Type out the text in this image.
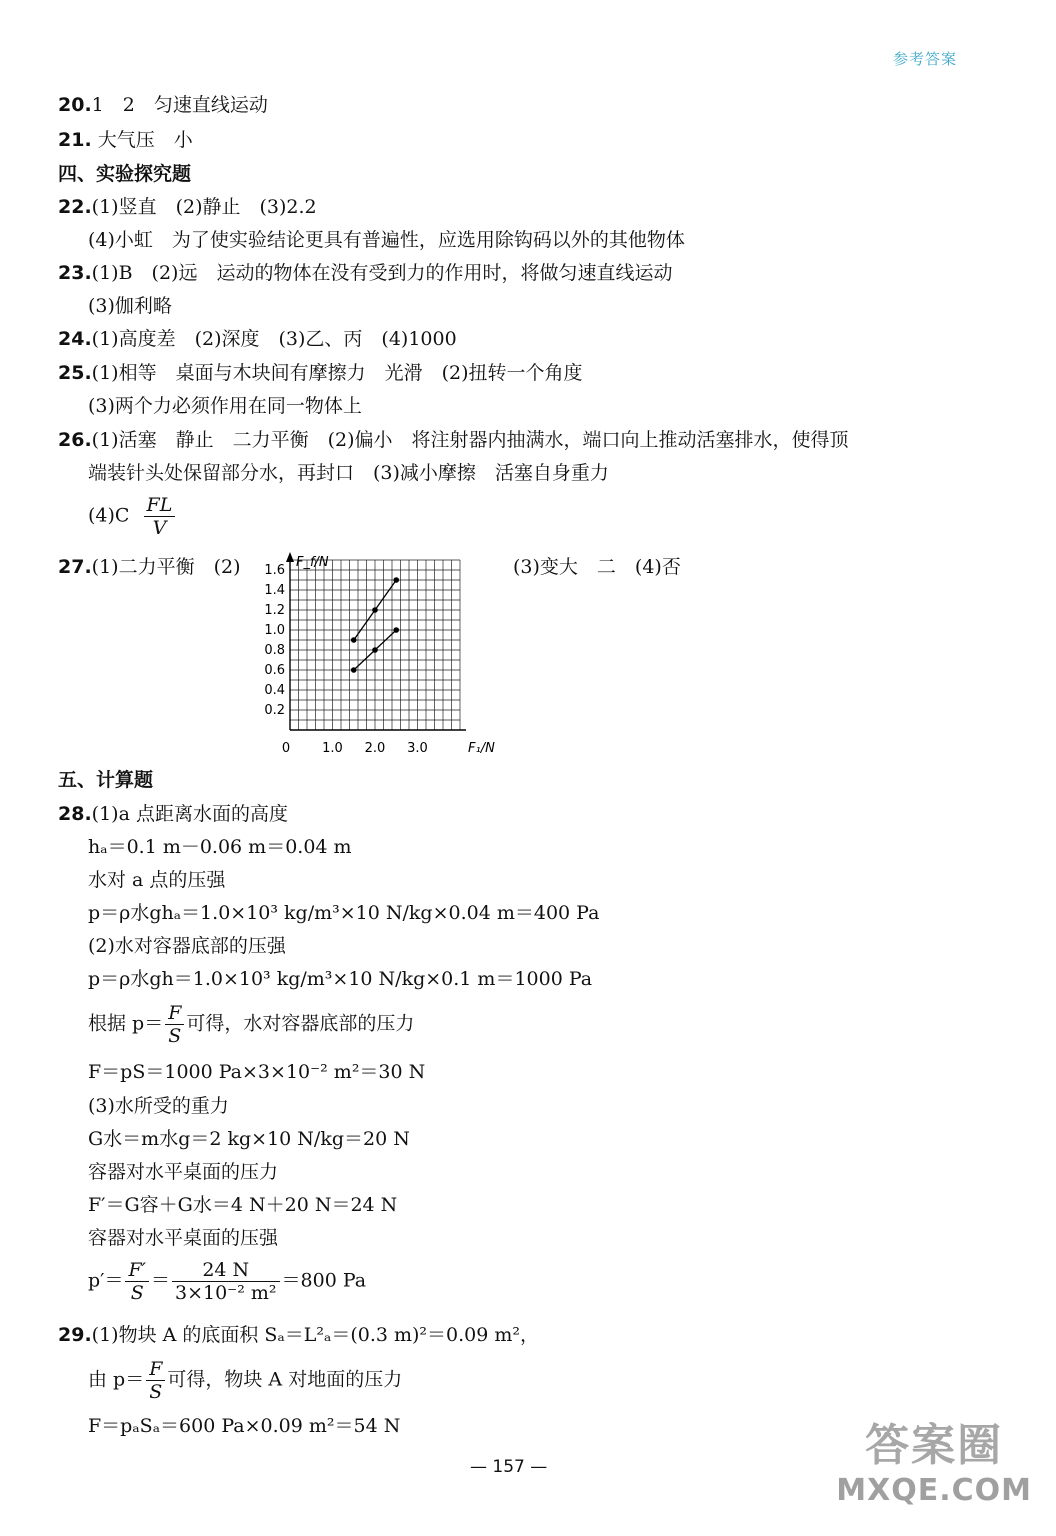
参考答案
20.1　2　匀速直线运动
21. 大气压　小
四、实验探究题
22.(1)竖直　(2)静止　(3)2.2
(4)小虹　为了使实验结论更具有普遍性，应选用除钩码以外的其他物体
23.(1)B　(2)远　运动的物体在没有受到力的作用时，将做匀速直线运动
(3)伽利略
24.(1)高度差　(2)深度　(3)乙、丙　(4)1000
25.(1)相等　桌面与木块间有摩擦力　光滑　(2)扭转一个角度
(3)两个力必须作用在同一物体上
26.(1)活塞　静止　二力平衡　(2)偏小　将注射器内抽满水，端口向上推动活塞排水，使得顶
端装针头处保留部分水，再封口　(3)减小摩擦　活塞自身重力
$(4)C \frac{FL}{V}$
27.(1)二力平衡　(2)	(3)变大　二　(4)否
0 1.0 2.0 3.0
0.2
0.4
0.6
0.8
1.0
1.2
1.4
1.6
F₁/N
F_f/N
五、计算题
28.(1)a 点距离水面的高度
hₐ＝0.1 m－0.06 m＝0.04 m
水对 a 点的压强
p＝ρ水ghₐ＝1.0×10³ kg/m³×10 N/kg×0.04 m＝400 Pa
(2)水对容器底部的压强
p＝ρ水gh＝1.0×10³ kg/m³×10 N/kg×0.1 m＝1000 Pa
根据 $p= \frac{F}{S}$ 可得，水对容器底部的压力
F＝pS＝1000 Pa×3×10⁻² m²＝30 N
(3)水所受的重力
G水＝m水g＝2 kg×10 N/kg＝20 N
容器对水平桌面的压力
F′＝G容＋G水＝4 N＋20 N＝24 N
容器对水平桌面的压强
$p'= \frac{F'}{S} = \frac{24 N}{\text{3×10⁻² m²}} =800$ Pa
29.(1)物块 A 的底面积 Sₐ＝L²ₐ＝(0.3 m)²＝0.09 m²，
由 $p= \frac{F}{S}$ 可得，物块 A 对地面的压力
F＝pₐSₐ＝600 Pa×0.09 m²＝54 N
— 157 —	答案圈
MXQE.COM
